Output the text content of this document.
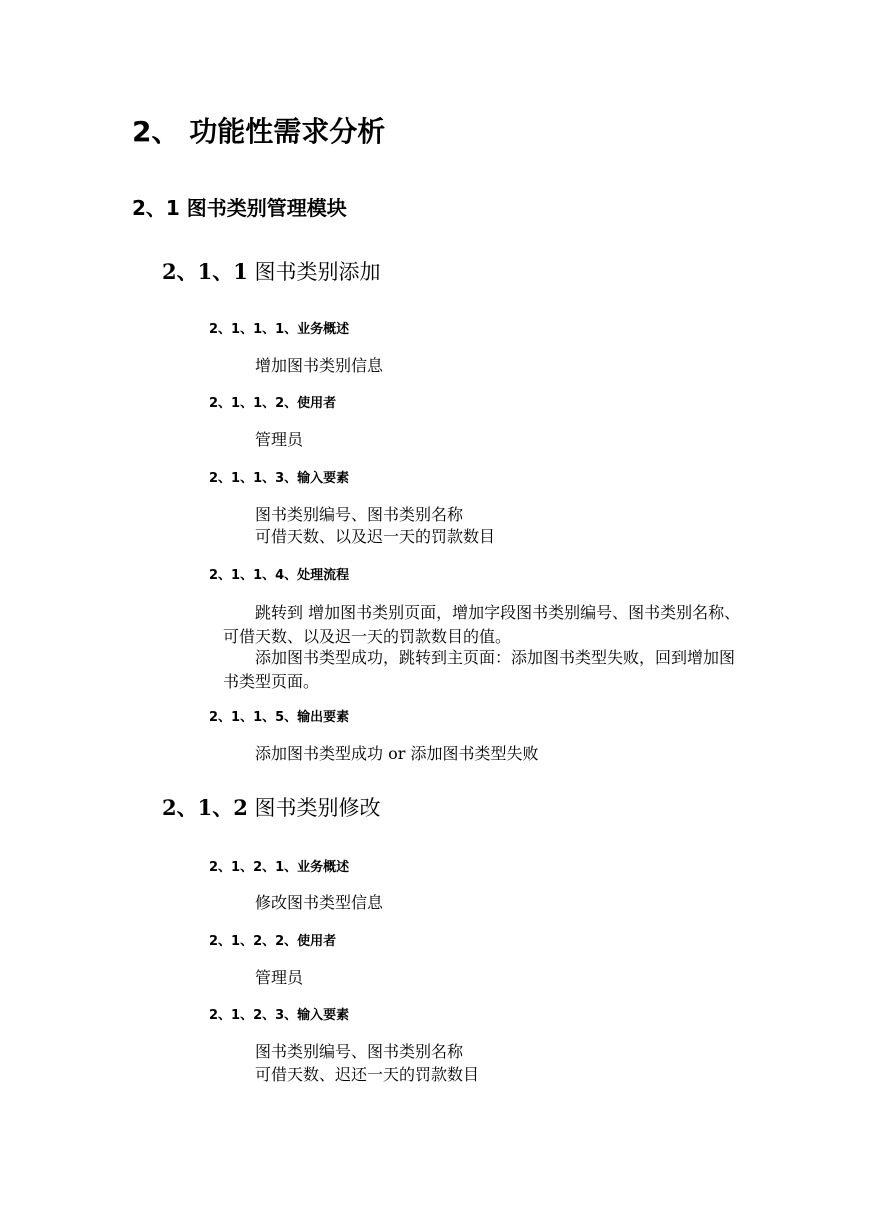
2、 功能性需求分析
2、1 图书类别管理模块
2、1、1 图书类别添加
2、1、1、1、业务概述
增加图书类别信息
2、1、1、2、使用者
管理员
2、1、1、3、输入要素
图书类别编号、图书类别名称
可借天数、以及迟一天的罚款数目
2、1、1、4、处理流程
跳转到 增加图书类别页面，增加字段图书类别编号、图书类别名称、可借天数、以及迟一天的罚款数目的值。
添加图书类型成功，跳转到主页面：添加图书类型失败，回到增加图书类型页面。
2、1、1、5、输出要素
添加图书类型成功 or 添加图书类型失败
2、1、2 图书类别修改
2、1、2、1、业务概述
修改图书类型信息
2、1、2、2、使用者
管理员
2、1、2、3、输入要素
图书类别编号、图书类别名称
可借天数、迟还一天的罚款数目
